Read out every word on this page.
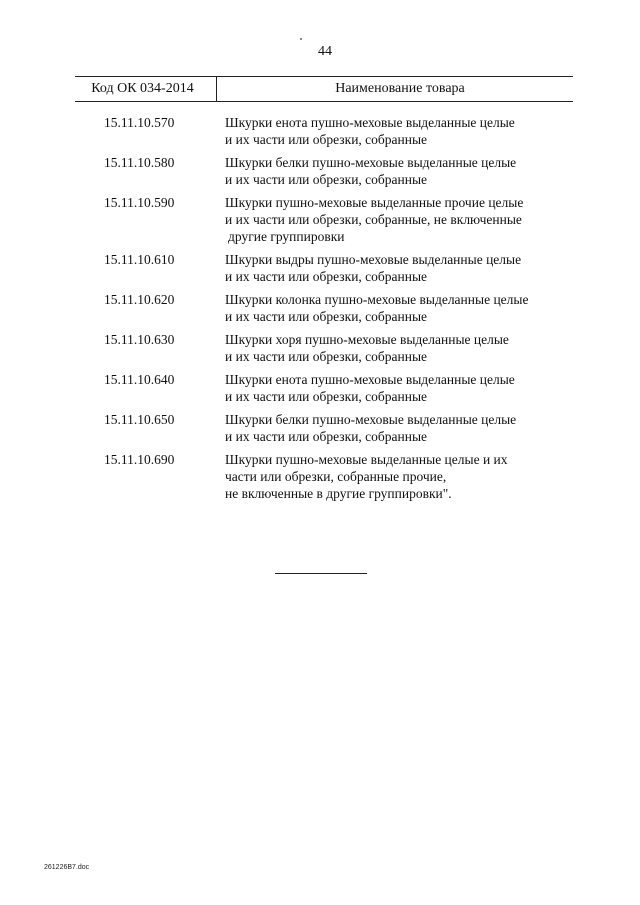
44
Код ОК 034-2014	Наименование товара
15.11.10.570	Шкурки енота пушно-меховые выделанные целые
и их части или обрезки, собранные
15.11.10.580	Шкурки белки пушно-меховые выделанные целые
и их части или обрезки, собранные
15.11.10.590	Шкурки пушно-меховые выделанные прочие целые
и их части или обрезки, собранные, не включенные
другие группировки
15.11.10.610	Шкурки выдры пушно-меховые выделанные целые
и их части или обрезки, собранные
15.11.10.620	Шкурки колонка пушно-меховые выделанные целые
и их части или обрезки, собранные
15.11.10.630	Шкурки хоря пушно-меховые выделанные целые
и их части или обрезки, собранные
15.11.10.640	Шкурки енота пушно-меховые выделанные целые
и их части или обрезки, собранные
15.11.10.650	Шкурки белки пушно-меховые выделанные целые
и их части или обрезки, собранные
15.11.10.690	Шкурки пушно-меховые выделанные целые и их
части или обрезки, собранные прочие,
не включенные в другие группировки".
261226B7.doc
